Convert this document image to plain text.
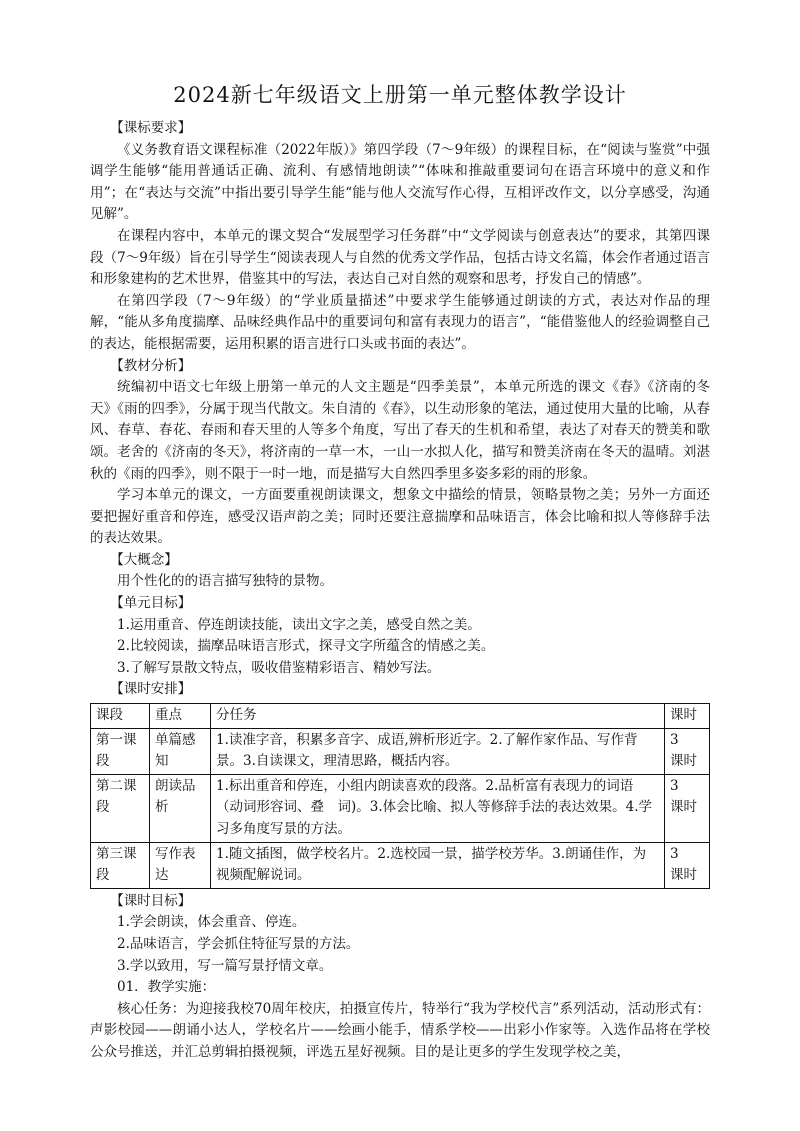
2024新七年级语文上册第一单元整体教学设计

【课标要求】

《义务教育语文课程标准（2022年版）》第四学段（7～9年级）的课程目标，在“阅读与鉴赏”中强调学生能够“能用普通话正确、流利、有感情地朗读”“体味和推敲重要词句在语言环境中的意义和作用”；在“表达与交流”中指出要引导学生能“能与他人交流写作心得，互相评改作文，以分享感受，沟通见解”。

在课程内容中，本单元的课文契合“发展型学习任务群”中“文学阅读与创意表达”的要求，其第四课段（7～9年级）旨在引导学生“阅读表现人与自然的优秀文学作品，包括古诗文名篇，体会作者通过语言和形象建构的艺术世界，借鉴其中的写法，表达自己对自然的观察和思考，抒发自己的情感”。

在第四学段（7～9年级）的“学业质量描述”中要求学生能够通过朗读的方式，表达对作品的理解，“能从多角度揣摩、品味经典作品中的重要词句和富有表现力的语言”，“能借鉴他人的经验调整自己的表达，能根据需要，运用积累的语言进行口头或书面的表达”。

【教材分析】

统编初中语文七年级上册第一单元的人文主题是“四季美景”，本单元所选的课文《春》《济南的冬天》《雨的四季》，分属于现当代散文。朱自清的《春》，以生动形象的笔法，通过使用大量的比喻，从春风、春草、春花、春雨和春天里的人等多个角度，写出了春天的生机和希望，表达了对春天的赞美和歌颂。老舍的《济南的冬天》，将济南的一草一木，一山一水拟人化，描写和赞美济南在冬天的温晴。刘湛秋的《雨的四季》，则不限于一时一地，而是描写大自然四季里多姿多彩的雨的形象。

学习本单元的课文，一方面要重视朗读课文，想象文中描绘的情景，领略景物之美；另外一方面还要把握好重音和停连，感受汉语声韵之美；同时还要注意揣摩和品味语言，体会比喻和拟人等修辞手法的表达效果。

【大概念】

用个性化的的语言描写独特的景物。

【单元目标】

1.运用重音、停连朗读技能，读出文字之美，感受自然之美。

2.比较阅读，揣摩品味语言形式，探寻文字所蕴含的情感之美。

3.了解写景散文特点，吸收借鉴精彩语言、精妙写法。

【课时安排】

课段	重点	分任务	课时
第一课段	单篇感知	1.读准字音，积累多音字、成语,辨析形近字。2.了解作家作品、写作背景。3.自读课文，理清思路，概括内容。	3　课时
第二课段	朗读品析	1.标出重音和停连，小组内朗读喜欢的段落。2.品析富有表现力的词语（动词形容词、叠　词)。3.体会比喻、拟人等修辞手法的表达效果。4.学习多角度写景的方法。	3　课时
第三课段	写作表达	1.随文插图，做学校名片。2.选校园一景，描学校芳华。3.朗诵佳作，为视频配解说词。	3　课时

【课时目标】

1.学会朗读，体会重音、停连。

2.品味语言，学会抓住特征写景的方法。

3.学以致用，写一篇写景抒情文章。

01．教学实施：

核心任务：为迎接我校70周年校庆，拍摄宣传片，特举行“我为学校代言”系列活动，活动形式有：声影校园——朗诵小达人，学校名片——绘画小能手，情系学校——出彩小作家等。入选作品将在学校公众号推送，并汇总剪辑拍摄视频，评选五星好视频。目的是让更多的学生发现学校之美，
